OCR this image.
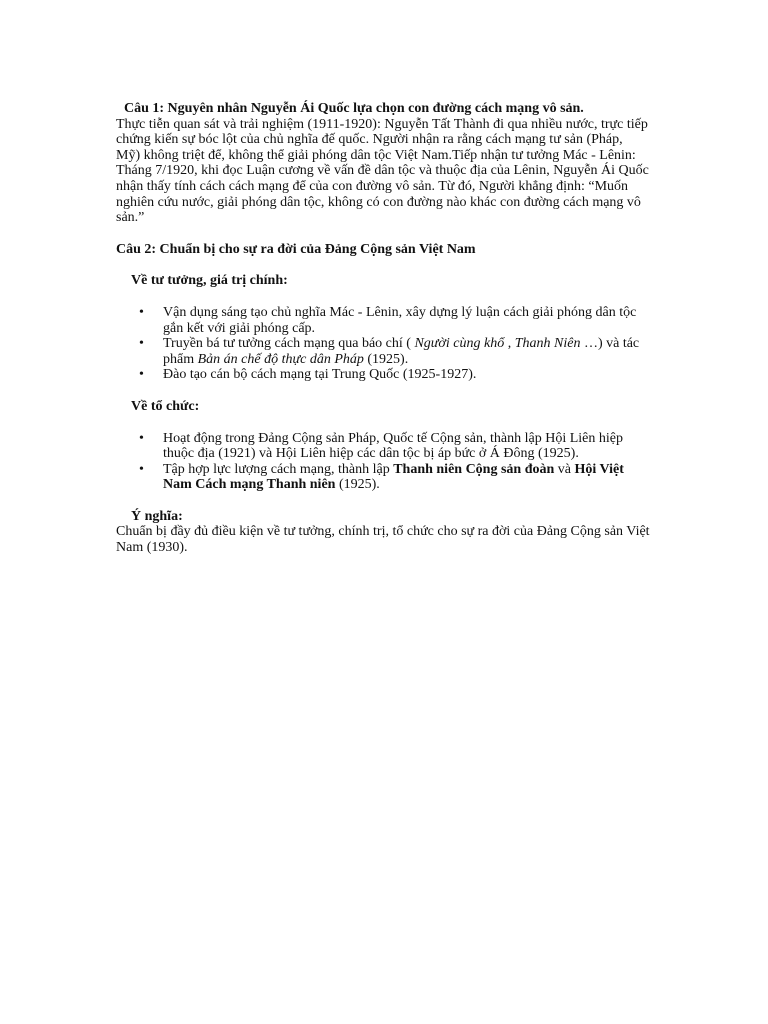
Câu 1: Nguyên nhân Nguyễn Ái Quốc lựa chọn con đường cách mạng vô sản.

Thực tiễn quan sát và trải nghiệm (1911-1920): Nguyễn Tất Thành đi qua nhiều nước, trực tiếp chứng kiến sự bóc lột của chủ nghĩa đế quốc. Người nhận ra rằng cách mạng tư sản (Pháp, Mỹ) không triệt để, không thể giải phóng dân tộc Việt Nam.Tiếp nhận tư tưởng Mác - Lênin: Tháng 7/1920, khi đọc Luận cương về vấn đề dân tộc và thuộc địa của Lênin, Nguyễn Ái Quốc nhận thấy tính cách cách mạng để của con đường vô sản. Từ đó, Người khẳng định: “Muốn nghiên cứu nước, giải phóng dân tộc, không có con đường nào khác con đường cách mạng vô sản.”

Câu 2: Chuẩn bị cho sự ra đời của Đảng Cộng sản Việt Nam

Về tư tưởng, giá trị chính:

• Vận dụng sáng tạo chủ nghĩa Mác - Lênin, xây dựng lý luận cách giải phóng dân tộc gắn kết với giải phóng cấp.
• Truyền bá tư tưởng cách mạng qua báo chí ( Người cùng khổ , Thanh Niên …) và tác phẩm Bản án chế độ thực dân Pháp (1925).
• Đào tạo cán bộ cách mạng tại Trung Quốc (1925-1927).

Về tổ chức:

• Hoạt động trong Đảng Cộng sản Pháp, Quốc tế Cộng sản, thành lập Hội Liên hiệp thuộc địa (1921) và Hội Liên hiệp các dân tộc bị áp bức ở Á Đông (1925).
• Tập hợp lực lượng cách mạng, thành lập Thanh niên Cộng sản đoàn và Hội Việt Nam Cách mạng Thanh niên (1925).

Ý nghĩa:

Chuẩn bị đầy đủ điều kiện về tư tưởng, chính trị, tổ chức cho sự ra đời của Đảng Cộng sản Việt Nam (1930).
